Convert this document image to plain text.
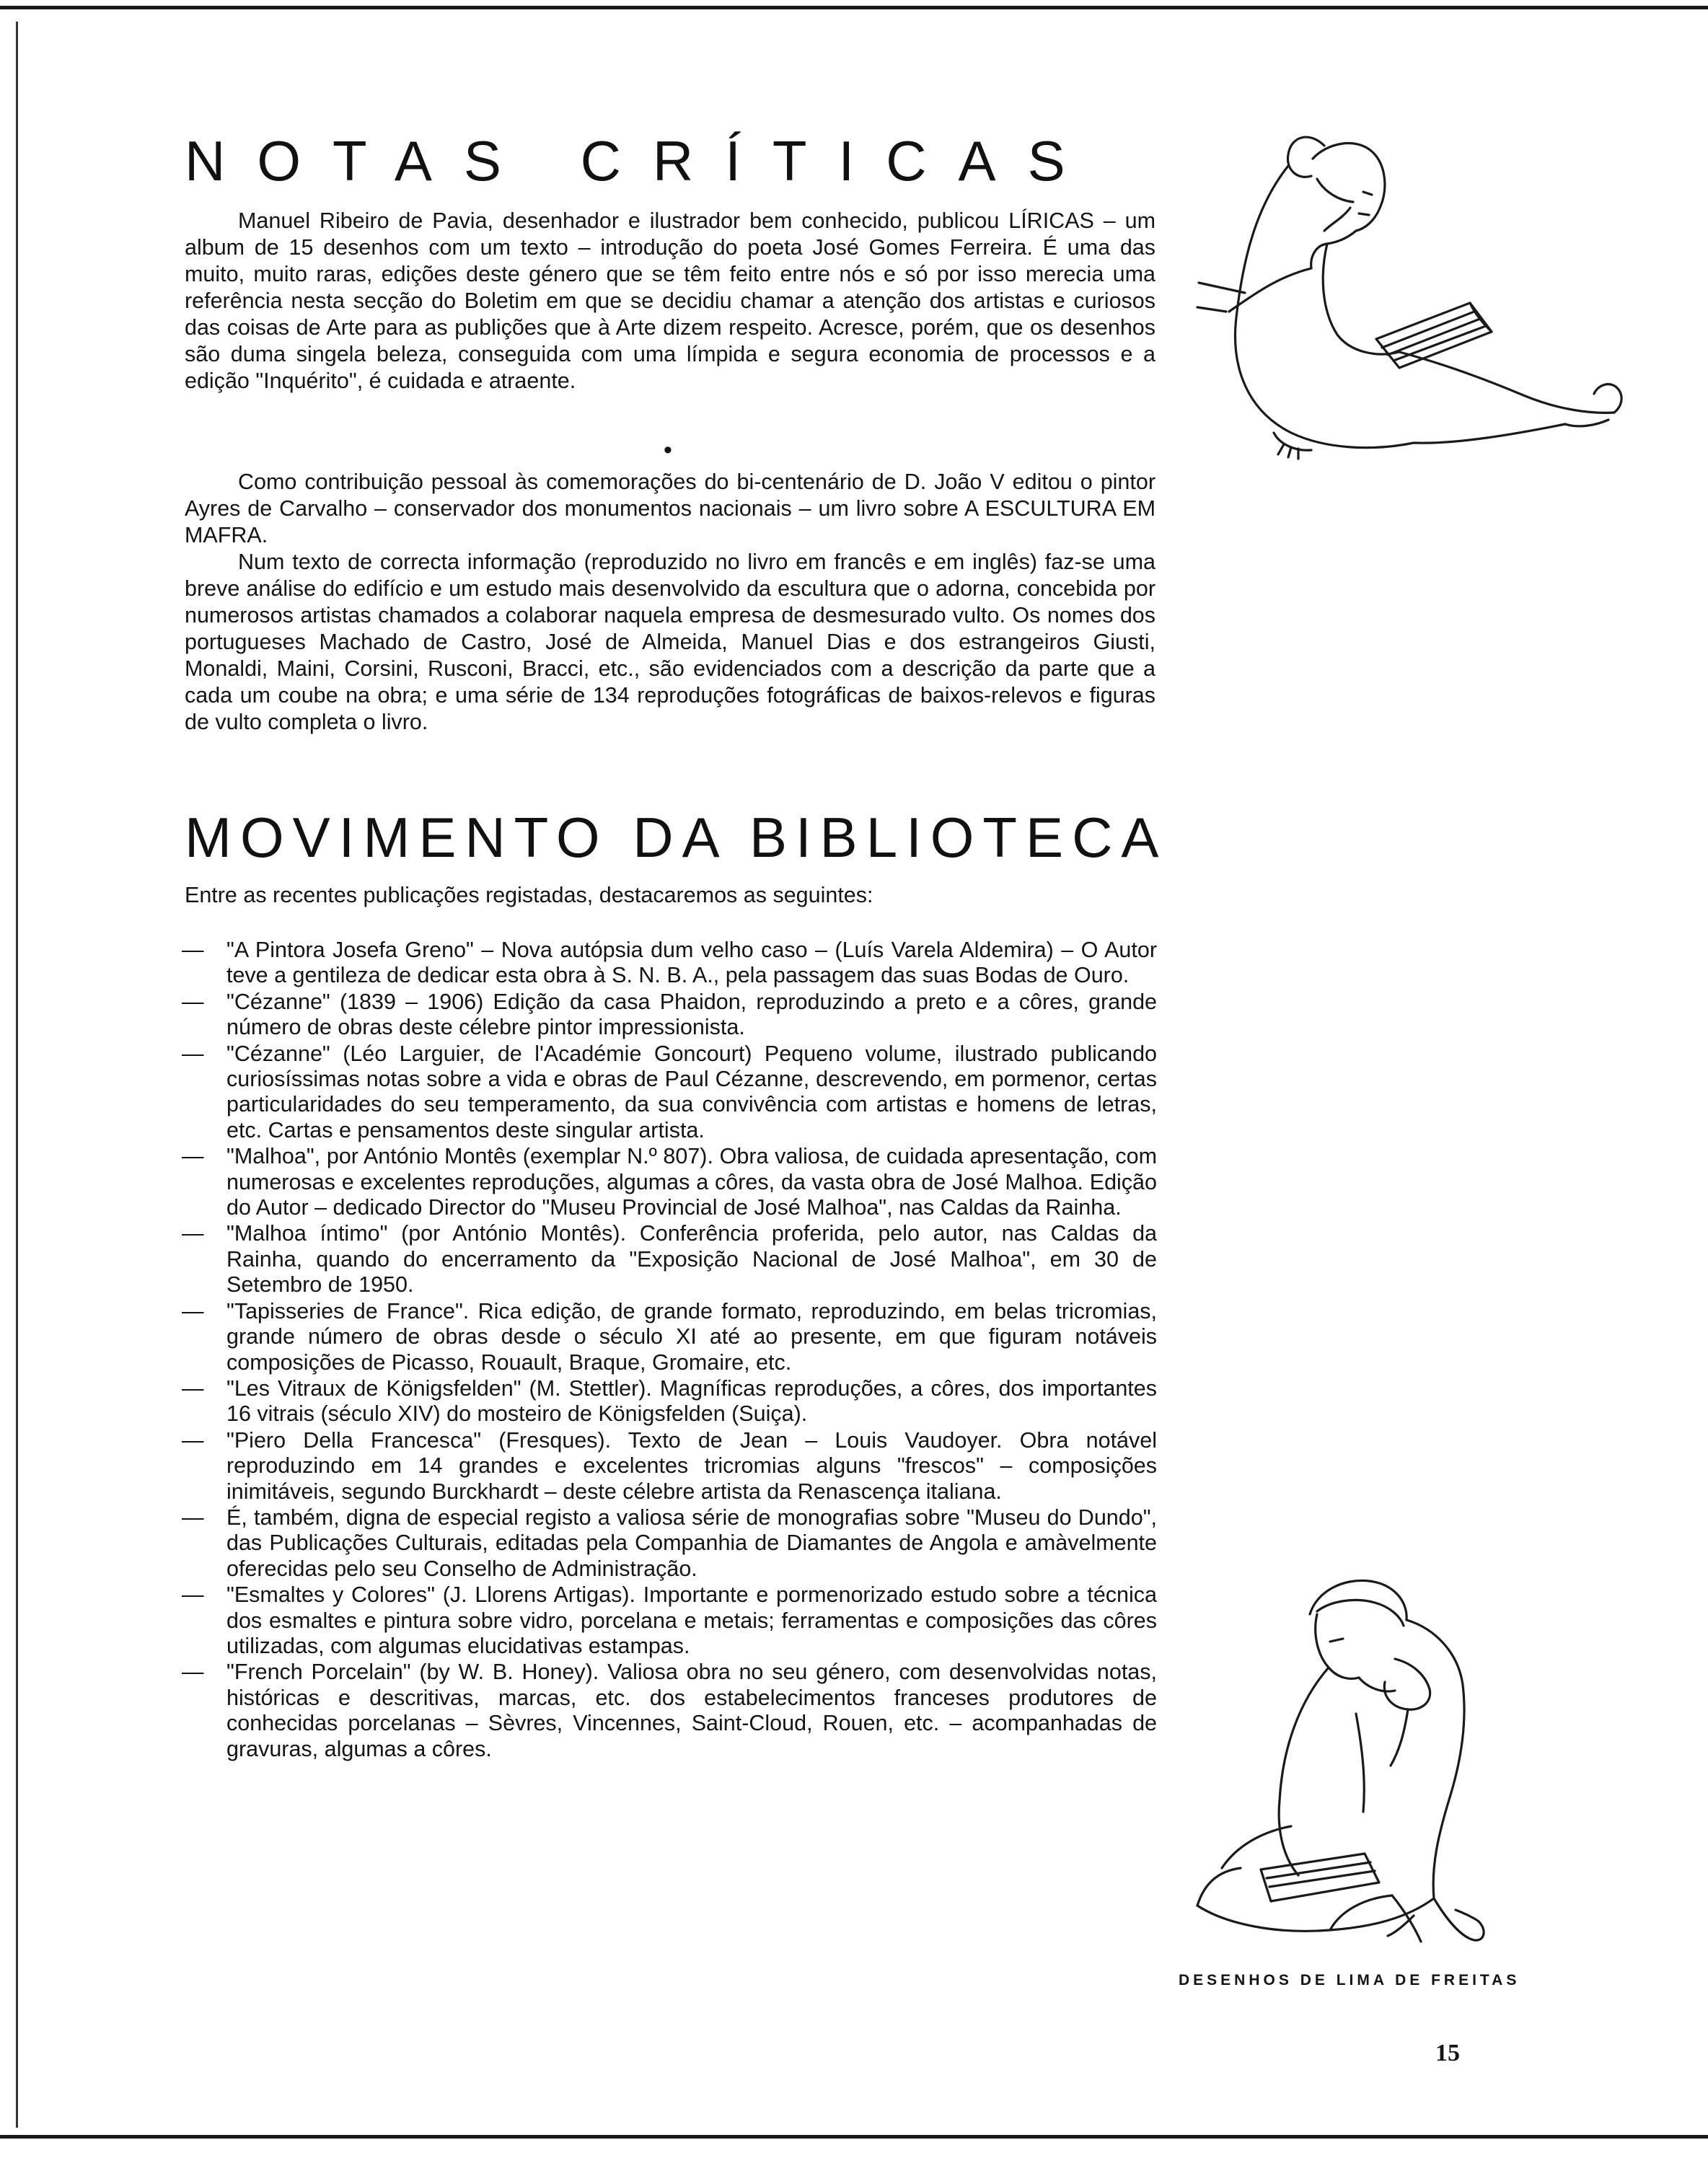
NOTAS CRÍTICAS

Manuel Ribeiro de Pavia, desenhador e ilustrador bem conhecido, publicou LÍRICAS – um album de 15 desenhos com um texto – introdução do poeta José Gomes Ferreira. É uma das muito, muito raras, edições deste género que se têm feito entre nós e só por isso merecia uma referência nesta secção do Boletim em que se decidiu chamar a atenção dos artistas e curiosos das coisas de Arte para as publições que à Arte dizem respeito. Acresce, porém, que os desenhos são duma singela beleza, conseguida com uma límpida e segura economia de processos e a edição "Inquérito", é cuidada e atraente.

•

Como contribuição pessoal às comemorações do bi-centenário de D. João V editou o pintor Ayres de Carvalho – conservador dos monumentos nacionais – um livro sobre A ESCULTURA EM MAFRA.

Num texto de correcta informação (reproduzido no livro em francês e em inglês) faz-se uma breve análise do edifício e um estudo mais desenvolvido da escultura que o adorna, concebida por numerosos artistas chamados a colaborar naquela empresa de desmesurado vulto. Os nomes dos portugueses Machado de Castro, José de Almeida, Manuel Dias e dos estrangeiros Giusti, Monaldi, Maini, Corsini, Rusconi, Bracci, etc., são evidenciados com a descrição da parte que a cada um coube na obra; e uma série de 134 reproduções fotográficas de baixos-relevos e figuras de vulto completa o livro.

MOVIMENTO DA BIBLIOTECA
Entre as recentes publicações registadas, destacaremos as seguintes:
— "A Pintora Josefa Greno" – Nova autópsia dum velho caso – (Luís Varela Aldemira) – O Autor teve a gentileza de dedicar esta obra à S. N. B. A., pela passagem das suas Bodas de Ouro.
— "Cézanne" (1839 – 1906) Edição da casa Phaidon, reproduzindo a preto e a côres, grande número de obras deste célebre pintor impressionista.
— "Cézanne" (Léo Larguier, de l'Académie Goncourt) Pequeno volume, ilustrado publicando curiosíssimas notas sobre a vida e obras de Paul Cézanne, descrevendo, em pormenor, certas particularidades do seu temperamento, da sua convivência com artistas e homens de letras, etc. Cartas e pensamentos deste singular artista.
— "Malhoa", por António Montês (exemplar N.º 807). Obra valiosa, de cuidada apresentação, com numerosas e excelentes reproduções, algumas a côres, da vasta obra de José Malhoa. Edição do Autor – dedicado Director do "Museu Provincial de José Malhoa", nas Caldas da Rainha.
— "Malhoa íntimo" (por António Montês). Conferência proferida, pelo autor, nas Caldas da Rainha, quando do encerramento da "Exposição Nacional de José Malhoa", em 30 de Setembro de 1950.
— "Tapisseries de France". Rica edição, de grande formato, reproduzindo, em belas tricromias, grande número de obras desde o século XI até ao presente, em que figuram notáveis composições de Picasso, Rouault, Braque, Gromaire, etc.
— "Les Vitraux de Königsfelden" (M. Stettler). Magníficas reproduções, a côres, dos importantes 16 vitrais (século XIV) do mosteiro de Königsfelden (Suiça).
— "Piero Della Francesca" (Fresques). Texto de Jean – Louis Vaudoyer. Obra notável reproduzindo em 14 grandes e excelentes tricromias alguns "frescos" – composições inimitáveis, segundo Burckhardt – deste célebre artista da Renascença italiana.
— É, também, digna de especial registo a valiosa série de monografias sobre "Museu do Dundo", das Publicações Culturais, editadas pela Companhia de Diamantes de Angola e amàvelmente oferecidas pelo seu Conselho de Administração.
— "Esmaltes y Colores" (J. Llorens Artigas). Importante e pormenorizado estudo sobre a técnica dos esmaltes e pintura sobre vidro, porcelana e metais; ferramentas e composições das côres utilizadas, com algumas elucidativas estampas.
— "French Porcelain" (by W. B. Honey). Valiosa obra no seu género, com desenvolvidas notas, históricas e descritivas, marcas, etc. dos estabelecimentos franceses produtores de conhecidas porcelanas – Sèvres, Vincennes, Saint-Cloud, Rouen, etc. – acompanhadas de gravuras, algumas a côres.
DESENHOS DE LIMA DE FREITAS
15
